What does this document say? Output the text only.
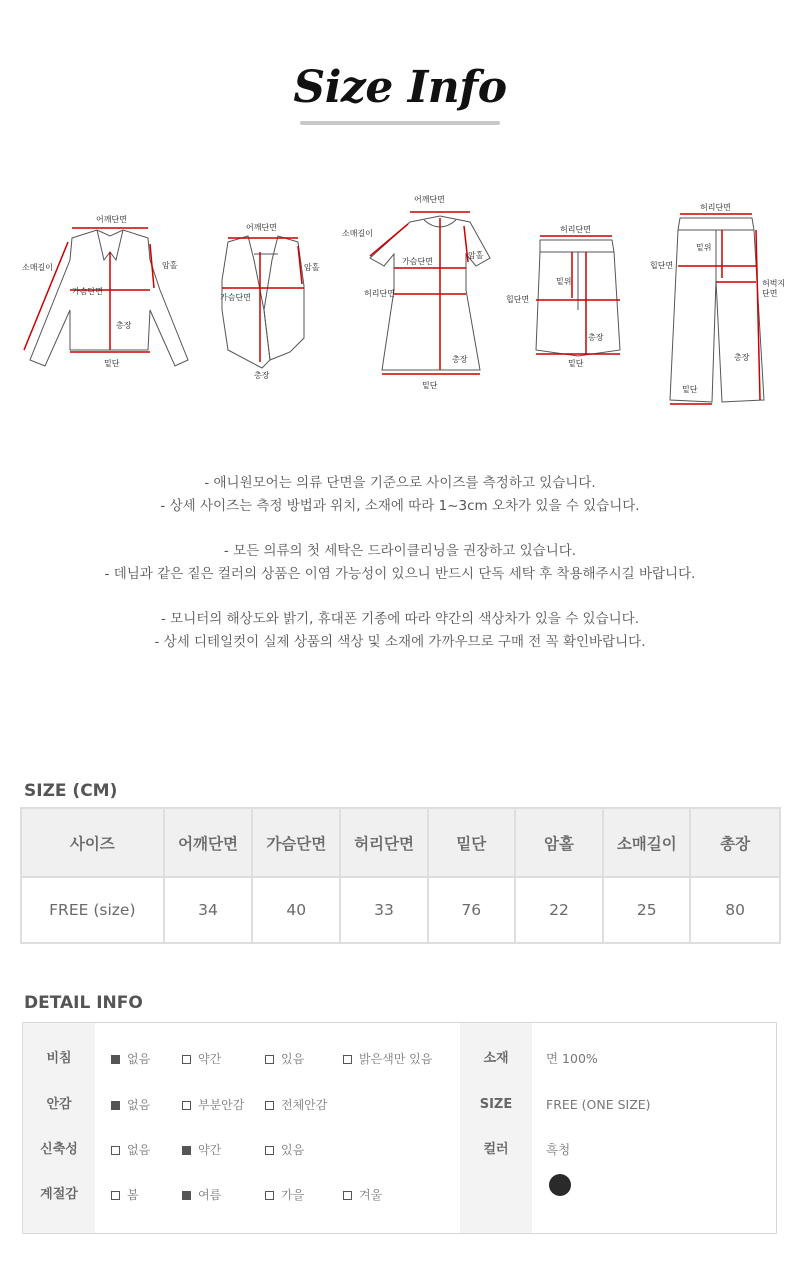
Size Info
어깨단면
소매길이	암홀
가슴단면
총장
밑단
어깨단면
암홀
가슴단면
총장
어깨단면
소매길이
가슴단면
암홀
허리단면
총장
밑단
허리단면
밑위
힙단면
총장
밑단
허리단면
밑위
힙단면
허벅지
단면
총장
밑단
- 애니원모어는 의류 단면을 기준으로 사이즈를 측정하고 있습니다.
- 상세 사이즈는 측정 방법과 위치, 소재에 따라 1~3cm 오차가 있을 수 있습니다.
- 모든 의류의 첫 세탁은 드라이클리닝을 권장하고 있습니다.
- 데님과 같은 짙은 컬러의 상품은 이염 가능성이 있으니 반드시 단독 세탁 후 착용해주시길 바랍니다.
- 모니터의 해상도와 밝기, 휴대폰 기종에 따라 약간의 색상차가 있을 수 있습니다.
- 상세 디테일컷이 실제 상품의 색상 및 소재에 가까우므로 구매 전 꼭 확인바랍니다.
SIZE (CM)
사이즈	어깨단면	가슴단면	허리단면	밑단	암홀	소매길이	총장
FREE (size)	34	40	33	76	22	25	80
DETAIL INFO
비침	없음	약간	있음	밝은색만 있음	소재	면 100%
안감	없음	부분안감	전체안감	SIZE	FREE (ONE SIZE)
신축성	없음	약간	있음	컬러	흑청
계절감	봄	여름	가을	겨울
